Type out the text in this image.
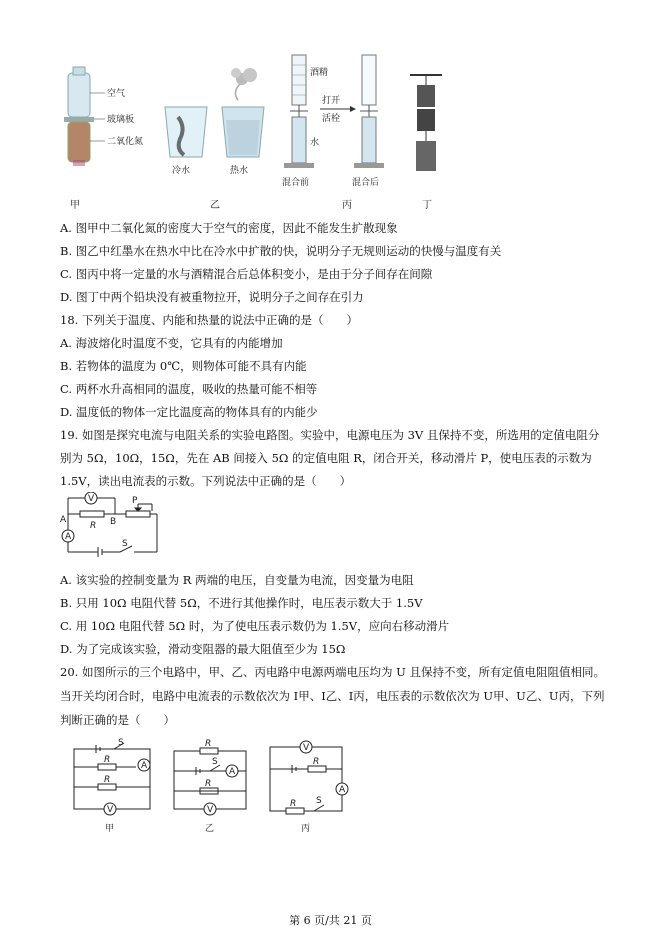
空气
玻璃板
二氧化氮
甲
冷水	热水
乙
酒精
水
打开
活栓
混合前	混合后
丙	丁
A. 图甲中二氧化氮的密度大于空气的密度，因此不能发生扩散现象
B. 图乙中红墨水在热水中比在冷水中扩散的快，说明分子无规则运动的快慢与温度有关
C. 图丙中将一定量的水与酒精混合后总体积变小，是由于分子间存在间隙
D. 图丁中两个铅块没有被重物拉开，说明分子之间存在引力
18. 下列关于温度、内能和热量的说法中正确的是（　　）
A. 海波熔化时温度不变，它具有的内能增加
B. 若物体的温度为 0℃，则物体可能不具有内能
C. 两杯水升高相同的温度，吸收的热量可能不相等
D. 温度低的物体一定比温度高的物体具有的内能少
19. 如图是探究电流与电阻关系的实验电路图。实验中，电源电压为 3V 且保持不变，所选用的定值电阻分
别为 5Ω，10Ω，15Ω，先在 AB 间接入 5Ω 的定值电阻 R，闭合开关，移动滑片 P，使电压表的示数为
1.5V，读出电流表的示数。下列说法中正确的是（　　）
V
A
P
R
S
A	B
A. 该实验的控制变量为 R 两端的电压，自变量为电流，因变量为电阻
B. 只用 10Ω 电阻代替 5Ω，不进行其他操作时，电压表示数大于 1.5V
C. 用 10Ω 电阻代替 5Ω 时，为了使电压表示数仍为 1.5V，应向右移动滑片
D. 为了完成该实验，滑动变阻器的最大阻值至少为 15Ω
20. 如图所示的三个电路中，甲、乙、丙电路中电源两端电压均为 U 且保持不变，所有定值电阻阻值相同。
当开关均闭合时，电路中电流表的示数依次为 I甲、I乙、I丙，电压表的示数依次为 U甲、U乙、U丙，下列
判断正确的是（　　）
S
A
R
R
V
甲
R
S
A
R
V
乙
V
R
A
R S
丙
第 6 页/共 21 页
